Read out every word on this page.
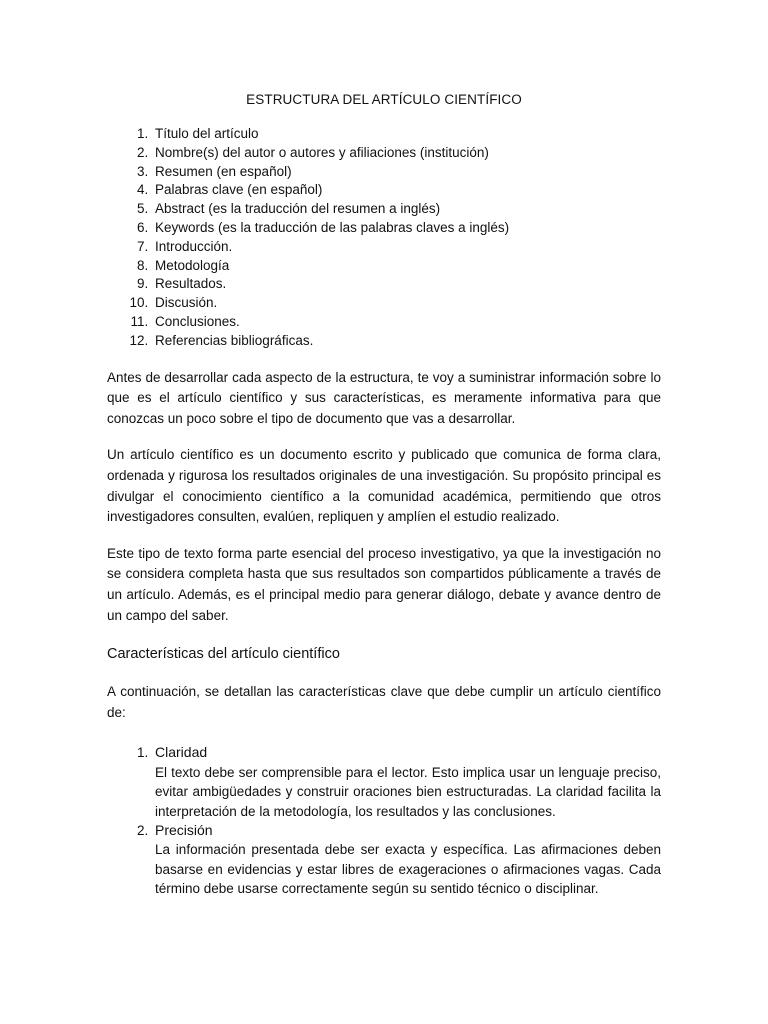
ESTRUCTURA DEL ARTÍCULO CIENTÍFICO
1. Título del artículo
2. Nombre(s) del autor o autores y afiliaciones (institución)
3. Resumen (en español)
4. Palabras clave (en español)
5. Abstract (es la traducción del resumen a inglés)
6. Keywords (es la traducción de las palabras claves a inglés)
7. Introducción.
8. Metodología
9. Resultados.
10. Discusión.
11. Conclusiones.
12. Referencias bibliográficas.

Antes de desarrollar cada aspecto de la estructura, te voy a suministrar información sobre lo que es el artículo científico y sus características, es meramente informativa para que conozcas un poco sobre el tipo de documento que vas a desarrollar.

Un artículo científico es un documento escrito y publicado que comunica de forma clara, ordenada y rigurosa los resultados originales de una investigación. Su propósito principal es divulgar el conocimiento científico a la comunidad académica, permitiendo que otros investigadores consulten, evalúen, repliquen y amplíen el estudio realizado.

Este tipo de texto forma parte esencial del proceso investigativo, ya que la investigación no se considera completa hasta que sus resultados son compartidos públicamente a través de un artículo. Además, es el principal medio para generar diálogo, debate y avance dentro de un campo del saber.

Características del artículo científico

A continuación, se detallan las características clave que debe cumplir un artículo científico de:

1. Claridad
El texto debe ser comprensible para el lector. Esto implica usar un lenguaje preciso, evitar ambigüedades y construir oraciones bien estructuradas. La claridad facilita la interpretación de la metodología, los resultados y las conclusiones.
2. Precisión
La información presentada debe ser exacta y específica. Las afirmaciones deben basarse en evidencias y estar libres de exageraciones o afirmaciones vagas. Cada término debe usarse correctamente según su sentido técnico o disciplinar.
